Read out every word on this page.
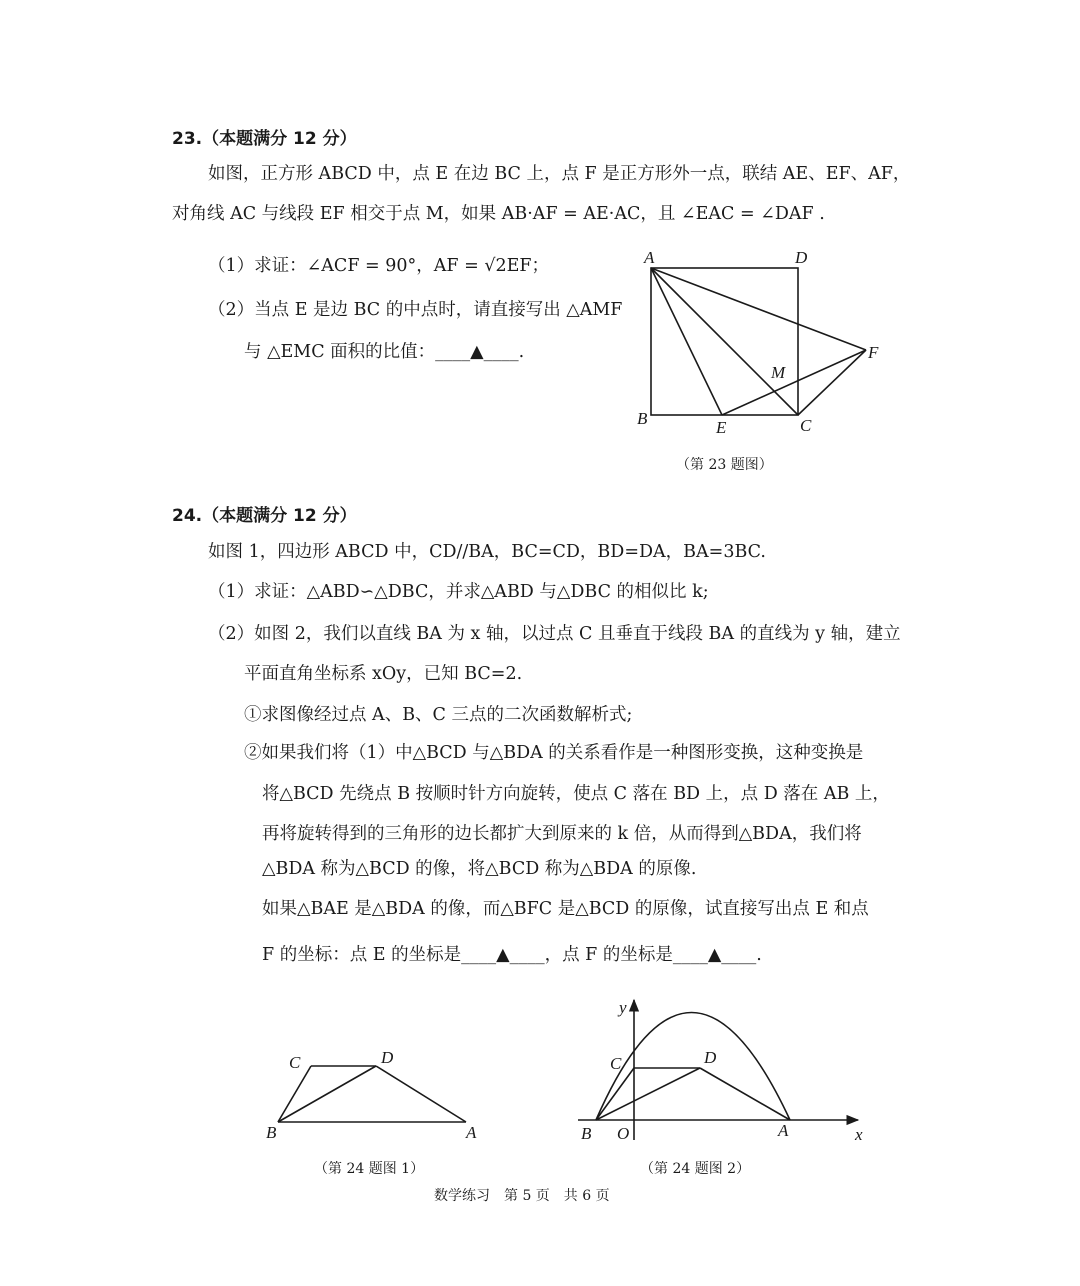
23.（本题满分 12 分）
如图，正方形 ABCD 中，点 E 在边 BC 上，点 F 是正方形外一点，联结 AE、EF、AF，
对角线 AC 与线段 EF 相交于点 M，如果 AB·AF = AE·AC，且 ∠EAC = ∠DAF .
（1）求证：∠ACF = 90°，AF = √2EF；
（2）当点 E 是边 BC 的中点时，请直接写出 △AMF
与 △EMC 面积的比值：____▲____.
A	D
B	E	C
F
M
（第 23 题图）
24.（本题满分 12 分）
如图 1，四边形 ABCD 中，CD//BA，BC=CD，BD=DA，BA=3BC.
（1）求证：△ABD∽△DBC，并求△ABD 与△DBC 的相似比 k;
（2）如图 2，我们以直线 BA 为 x 轴，以过点 C 且垂直于线段 BA 的直线为 y 轴，建立
平面直角坐标系 xOy，已知 BC=2.
①求图像经过点 A、B、C 三点的二次函数解析式;
②如果我们将（1）中△BCD 与△BDA 的关系看作是一种图形变换，这种变换是
将△BCD 先绕点 B 按顺时针方向旋转，使点 C 落在 BD 上，点 D 落在 AB 上，
再将旋转得到的三角形的边长都扩大到原来的 k 倍，从而得到△BDA，我们将
△BDA 称为△BCD 的像，将△BCD 称为△BDA 的原像.
如果△BAE 是△BDA 的像，而△BFC 是△BCD 的原像，试直接写出点 E 和点
F 的坐标：点 E 的坐标是____▲____，点 F 的坐标是____▲____.
C	D
B	A
（第 24 题图 1）
y
C	D
B O	A	x
（第 24 题图 2）
数学练习　第 5 页　共 6 页
